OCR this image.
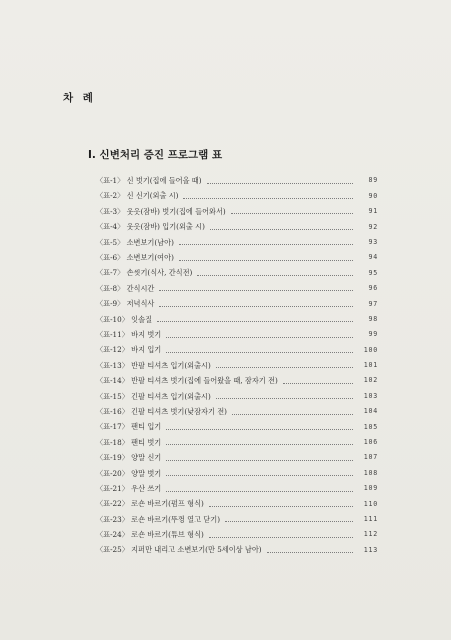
차 례
Ⅰ. 신변처리 증진 프로그램 표
〈표-1〉 신 벗기(집에 들어올 때)	89
〈표-2〉 신 신기(외출 시)	90
〈표-3〉 웃옷(잠바) 벗기(집에 들어와서)	91
〈표-4〉 웃옷(잠바) 입기(외출 시)	92
〈표-5〉 소변보기(남아)	93
〈표-6〉 소변보기(여아)	94
〈표-7〉 손씻기(식사, 간식전)	95
〈표-8〉 간식시간	96
〈표-9〉 저녁식사	97
〈표-10〉 잇솔질	98
〈표-11〉 바지 벗기	99
〈표-12〉 바지 입기	100
〈표-13〉 반팔 티셔츠 입기(외출시)	101
〈표-14〉 반팔 티셔츠 벗기(집에 들어왔을 때, 잠자기 전)	102
〈표-15〉 긴팔 티셔츠 입기(외출시)	103
〈표-16〉 긴팔 티셔츠 벗기(낮잠자기 전)	104
〈표-17〉 팬티 입기	105
〈표-18〉 팬티 벗기	106
〈표-19〉 양말 신기	107
〈표-20〉 양말 벗기	108
〈표-21〉 우산 쓰기	109
〈표-22〉 로숀 바르기(펌프 형식)	110
〈표-23〉 로숀 바르기(뚜껑 열고 닫기)	111
〈표-24〉 로숀 바르기(튜브 형식)	112
〈표-25〉 지퍼만 내리고 소변보기(만 5세이상 남아)	113
